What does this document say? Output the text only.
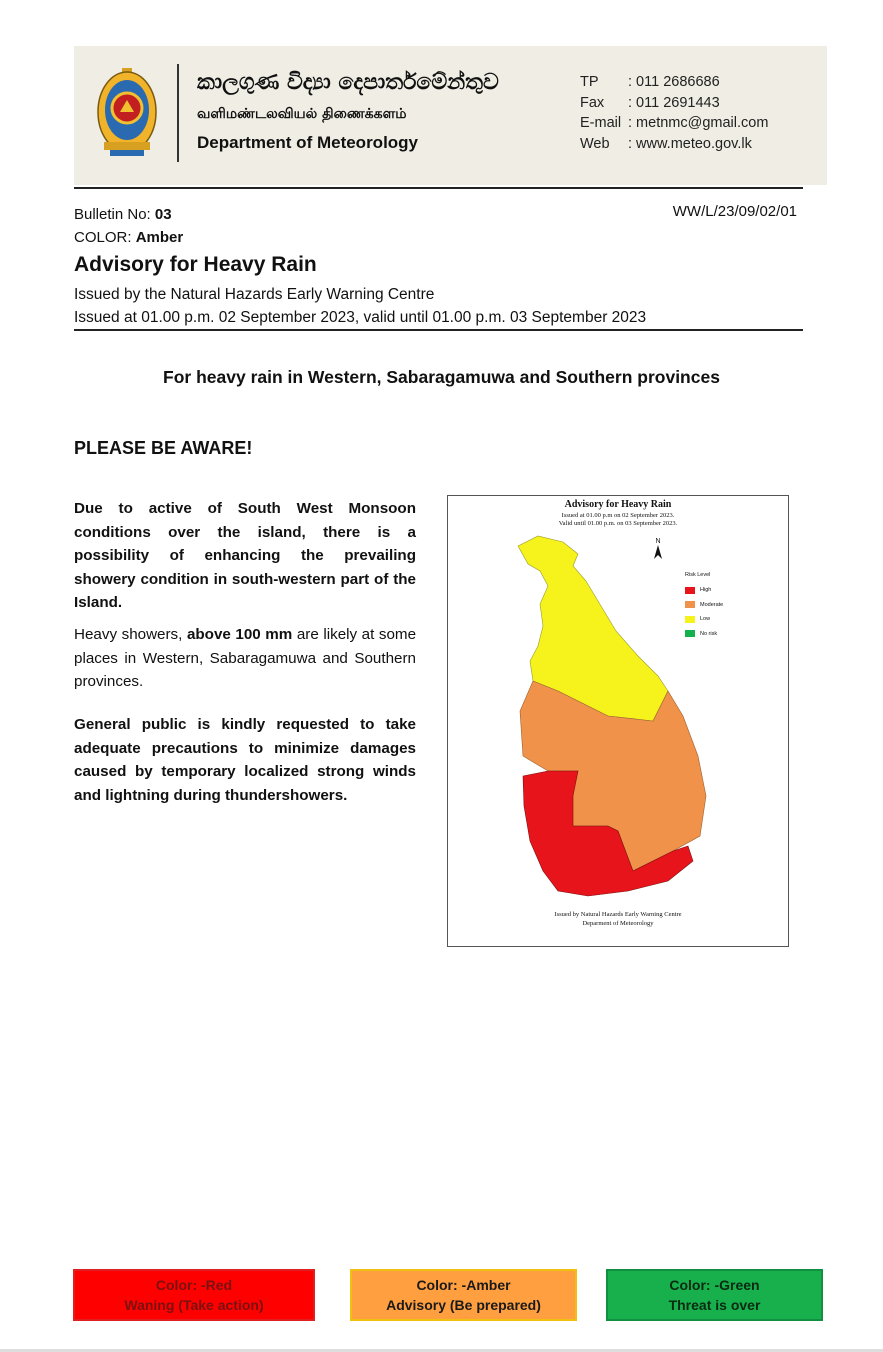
කාලගුණ විද්‍යා දෙපාර්තමේන්තුව
வளிமண்டலவியல் திணைக்களம்
Department of Meteorology
TP	: 011 2686686
Fax	: 011 2691443
E-mail : metnmc@gmail.com
Web	: www.meteo.gov.lk
Bulletin No: 03
COLOR: Amber
WW/L/23/09/02/01
Advisory for Heavy Rain
Issued by the Natural Hazards Early Warning Centre
Issued at 01.00 p.m. 02 September 2023, valid until 01.00 p.m. 03 September 2023
For heavy rain in Western, Sabaragamuwa and Southern provinces
PLEASE BE AWARE!
Due to active of South West Monsoon conditions over the island, there is a possibility of enhancing the prevailing showery condition in south-western part of the Island.
Heavy showers, above 100 mm are likely at some places in Western, Sabaragamuwa and Southern provinces.
General public is kindly requested to take adequate precautions to minimize damages caused by temporary localized strong winds and lightning during thundershowers.
Advisory for Heavy Rain
Issued at 01.00 p.m on 02 September 2023.
Valid until 01.00 p.m. on 03 September 2023.
N
Risk Level
High
Moderate
Low
No risk
Issued by Natural Hazards Early Warning Centre
Deparment of Meteorology
Color: -Red
Waning (Take action)
Color: -Amber
Advisory (Be prepared)
Color: -Green
Threat is over
